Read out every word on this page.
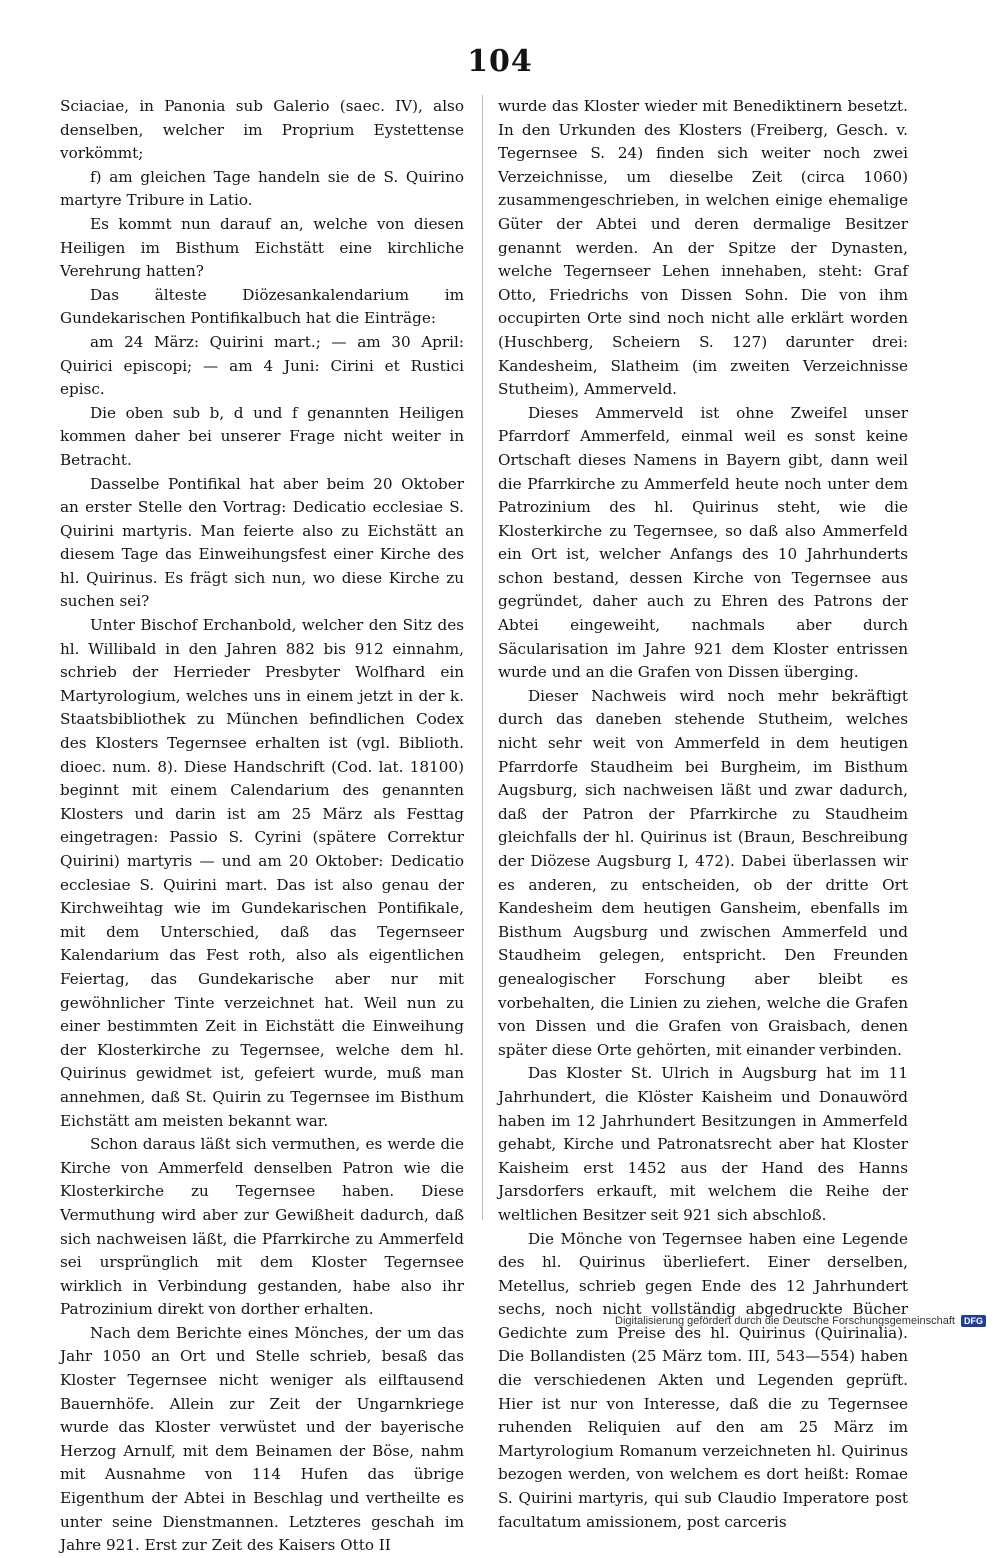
104

Sciaciae, in Panonia sub Galerio (saec. IV), also denselben, welcher im Proprium Eystettense vorkömmt;

f) am gleichen Tage handeln sie de S. Quirino martyre Tribure in Latio.

Es kommt nun darauf an, welche von diesen Heiligen im Bisthum Eichstätt eine kirchliche Verehrung hatten?

Das älteste Diözesankalendarium im Gundekarischen Pontifikalbuch hat die Einträge:

am 24 März: Quirini mart.; — am 30 April: Quirici episcopi; — am 4 Juni: Cirini et Rustici episc.

Die oben sub b, d und f genannten Heiligen kommen daher bei unserer Frage nicht weiter in Betracht.

Dasselbe Pontifikal hat aber beim 20 Oktober an erster Stelle den Vortrag: Dedicatio ecclesiae S. Quirini martyris. Man feierte also zu Eichstätt an diesem Tage das Einweihungsfest einer Kirche des hl. Quirinus. Es frägt sich nun, wo diese Kirche zu suchen sei?

Unter Bischof Erchanbold, welcher den Sitz des hl. Willibald in den Jahren 882 bis 912 einnahm, schrieb der Herrieder Presbyter Wolfhard ein Martyrologium, welches uns in einem jetzt in der k. Staatsbibliothek zu München befindlichen Codex des Klosters Tegernsee erhalten ist (vgl. Biblioth. dioec. num. 8). Diese Handschrift (Cod. lat. 18100) beginnt mit einem Calendarium des genannten Klosters und darin ist am 25 März als Festtag eingetragen: Passio S. Cyrini (spätere Correktur Quirini) martyris — und am 20 Oktober: Dedicatio ecclesiae S. Quirini mart. Das ist also genau der Kirchweihtag wie im Gundekarischen Pontifikale, mit dem Unterschied, daß das Tegernseer Kalendarium das Fest roth, also als eigentlichen Feiertag, das Gundekarische aber nur mit gewöhnlicher Tinte verzeichnet hat. Weil nun zu einer bestimmten Zeit in Eichstätt die Einweihung der Klosterkirche zu Tegernsee, welche dem hl. Quirinus gewidmet ist, gefeiert wurde, muß man annehmen, daß St. Quirin zu Tegernsee im Bisthum Eichstätt am meisten bekannt war.

Schon daraus läßt sich vermuthen, es werde die Kirche von Ammerfeld denselben Patron wie die Klosterkirche zu Tegernsee haben. Diese Vermuthung wird aber zur Gewißheit dadurch, daß sich nachweisen läßt, die Pfarrkirche zu Ammerfeld sei ursprünglich mit dem Kloster Tegernsee wirklich in Verbindung gestanden, habe also ihr Patrozinium direkt von dorther erhalten.

Nach dem Berichte eines Mönches, der um das Jahr 1050 an Ort und Stelle schrieb, besaß das Kloster Tegernsee nicht weniger als eilftausend Bauernhöfe. Allein zur Zeit der Ungarnkriege wurde das Kloster verwüstet und der bayerische Herzog Arnulf, mit dem Beinamen der Böse, nahm mit Ausnahme von 114 Hufen das übrige Eigenthum der Abtei in Beschlag und vertheilte es unter seine Dienstmannen. Letzteres geschah im Jahre 921. Erst zur Zeit des Kaisers Otto II

wurde das Kloster wieder mit Benediktinern besetzt. In den Urkunden des Klosters (Freiberg, Gesch. v. Tegernsee S. 24) finden sich weiter noch zwei Verzeichnisse, um dieselbe Zeit (circa 1060) zusammengeschrieben, in welchen einige ehemalige Güter der Abtei und deren dermalige Besitzer genannt werden. An der Spitze der Dynasten, welche Tegernseer Lehen innehaben, steht: Graf Otto, Friedrichs von Dissen Sohn. Die von ihm occupirten Orte sind noch nicht alle erklärt worden (Huschberg, Scheiern S. 127) darunter drei: Kandesheim, Slatheim (im zweiten Verzeichnisse Stutheim), Ammerveld.

Dieses Ammerveld ist ohne Zweifel unser Pfarrdorf Ammerfeld, einmal weil es sonst keine Ortschaft dieses Namens in Bayern gibt, dann weil die Pfarrkirche zu Ammerfeld heute noch unter dem Patrozinium des hl. Quirinus steht, wie die Klosterkirche zu Tegernsee, so daß also Ammerfeld ein Ort ist, welcher Anfangs des 10 Jahrhunderts schon bestand, dessen Kirche von Tegernsee aus gegründet, daher auch zu Ehren des Patrons der Abtei eingeweiht, nachmals aber durch Säcularisation im Jahre 921 dem Kloster entrissen wurde und an die Grafen von Dissen überging.

Dieser Nachweis wird noch mehr bekräftigt durch das daneben stehende Stutheim, welches nicht sehr weit von Ammerfeld in dem heutigen Pfarrdorfe Staudheim bei Burgheim, im Bisthum Augsburg, sich nachweisen läßt und zwar dadurch, daß der Patron der Pfarrkirche zu Staudheim gleichfalls der hl. Quirinus ist (Braun, Beschreibung der Diözese Augsburg I, 472). Dabei überlassen wir es anderen, zu entscheiden, ob der dritte Ort Kandesheim dem heutigen Gansheim, ebenfalls im Bisthum Augsburg und zwischen Ammerfeld und Staudheim gelegen, entspricht. Den Freunden genealogischer Forschung aber bleibt es vorbehalten, die Linien zu ziehen, welche die Grafen von Dissen und die Grafen von Graisbach, denen später diese Orte gehörten, mit einander verbinden.

Das Kloster St. Ulrich in Augsburg hat im 11 Jahrhundert, die Klöster Kaisheim und Donauwörd haben im 12 Jahrhundert Besitzungen in Ammerfeld gehabt, Kirche und Patronatsrecht aber hat Kloster Kaisheim erst 1452 aus der Hand des Hanns Jarsdorfers erkauft, mit welchem die Reihe der weltlichen Besitzer seit 921 sich abschloß.

Die Mönche von Tegernsee haben eine Legende des hl. Quirinus überliefert. Einer derselben, Metellus, schrieb gegen Ende des 12 Jahrhundert sechs, noch nicht vollständig abgedruckte Bücher Gedichte zum Preise des hl. Quirinus (Quirinalia). Die Bollandisten (25 März tom. III, 543—554) haben die verschiedenen Akten und Legenden geprüft. Hier ist nur von Interesse, daß die zu Tegernsee ruhenden Reliquien auf den am 25 März im Martyrologium Romanum verzeichneten hl. Quirinus bezogen werden, von welchem es dort heißt: Romae S. Quirini martyris, qui sub Claudio Imperatore post facultatum amissionem, post carceris

Digitalisierung gefördert durch die Deutsche Forschungsgemeinschaft	DFG
